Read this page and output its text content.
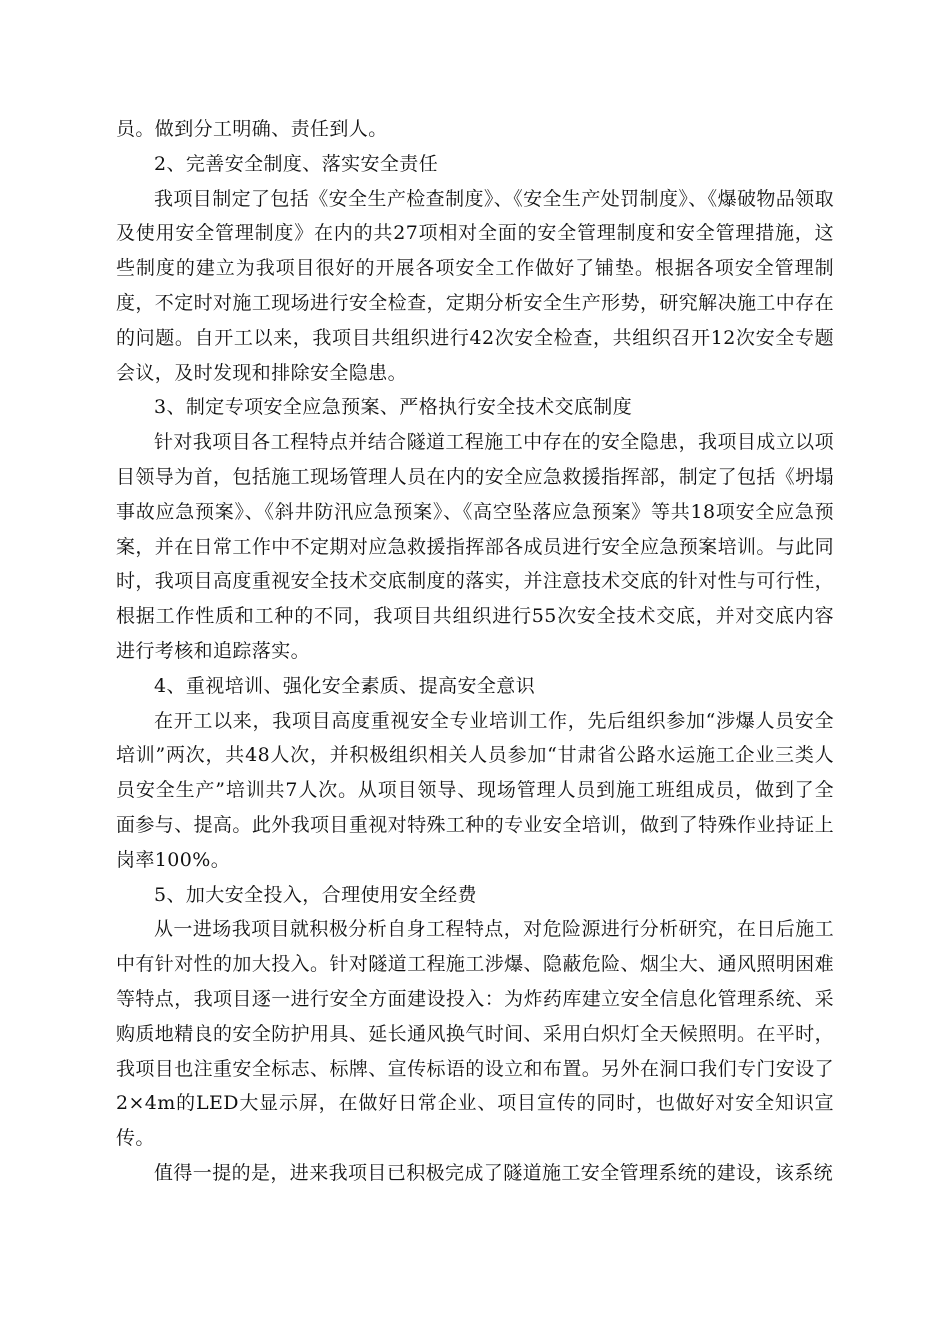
员。做到分工明确、责任到人。

2、完善安全制度、落实安全责任

我项目制定了包括《安全生产检查制度》、《安全生产处罚制度》、《爆破物品领取及使用安全管理制度》在内的共27项相对全面的安全管理制度和安全管理措施，这些制度的建立为我项目很好的开展各项安全工作做好了铺垫。根据各项安全管理制度，不定时对施工现场进行安全检查，定期分析安全生产形势，研究解决施工中存在的问题。自开工以来，我项目共组织进行42次安全检查，共组织召开12次安全专题会议，及时发现和排除安全隐患。

3、制定专项安全应急预案、严格执行安全技术交底制度

针对我项目各工程特点并结合隧道工程施工中存在的安全隐患，我项目成立以项目领导为首，包括施工现场管理人员在内的安全应急救援指挥部，制定了包括《坍塌事故应急预案》、《斜井防汛应急预案》、《高空坠落应急预案》等共18项安全应急预案，并在日常工作中不定期对应急救援指挥部各成员进行安全应急预案培训。与此同时，我项目高度重视安全技术交底制度的落实，并注意技术交底的针对性与可行性，根据工作性质和工种的不同，我项目共组织进行55次安全技术交底，并对交底内容进行考核和追踪落实。

4、重视培训、强化安全素质、提高安全意识

在开工以来，我项目高度重视安全专业培训工作，先后组织参加“涉爆人员安全培训”两次，共48人次，并积极组织相关人员参加“甘肃省公路水运施工企业三类人员安全生产”培训共7人次。从项目领导、现场管理人员到施工班组成员，做到了全面参与、提高。此外我项目重视对特殊工种的专业安全培训，做到了特殊作业持证上岗率100%。

5、加大安全投入，合理使用安全经费

从一进场我项目就积极分析自身工程特点，对危险源进行分析研究，在日后施工中有针对性的加大投入。针对隧道工程施工涉爆、隐蔽危险、烟尘大、通风照明困难等特点，我项目逐一进行安全方面建设投入：为炸药库建立安全信息化管理系统、采购质地精良的安全防护用具、延长通风换气时间、采用白炽灯全天候照明。在平时，我项目也注重安全标志、标牌、宣传标语的设立和布置。另外在洞口我们专门安设了2×4m的LED大显示屏，在做好日常企业、项目宣传的同时，也做好对安全知识宣传。

值得一提的是，进来我项目已积极完成了隧道施工安全管理系统的建设，该系统
